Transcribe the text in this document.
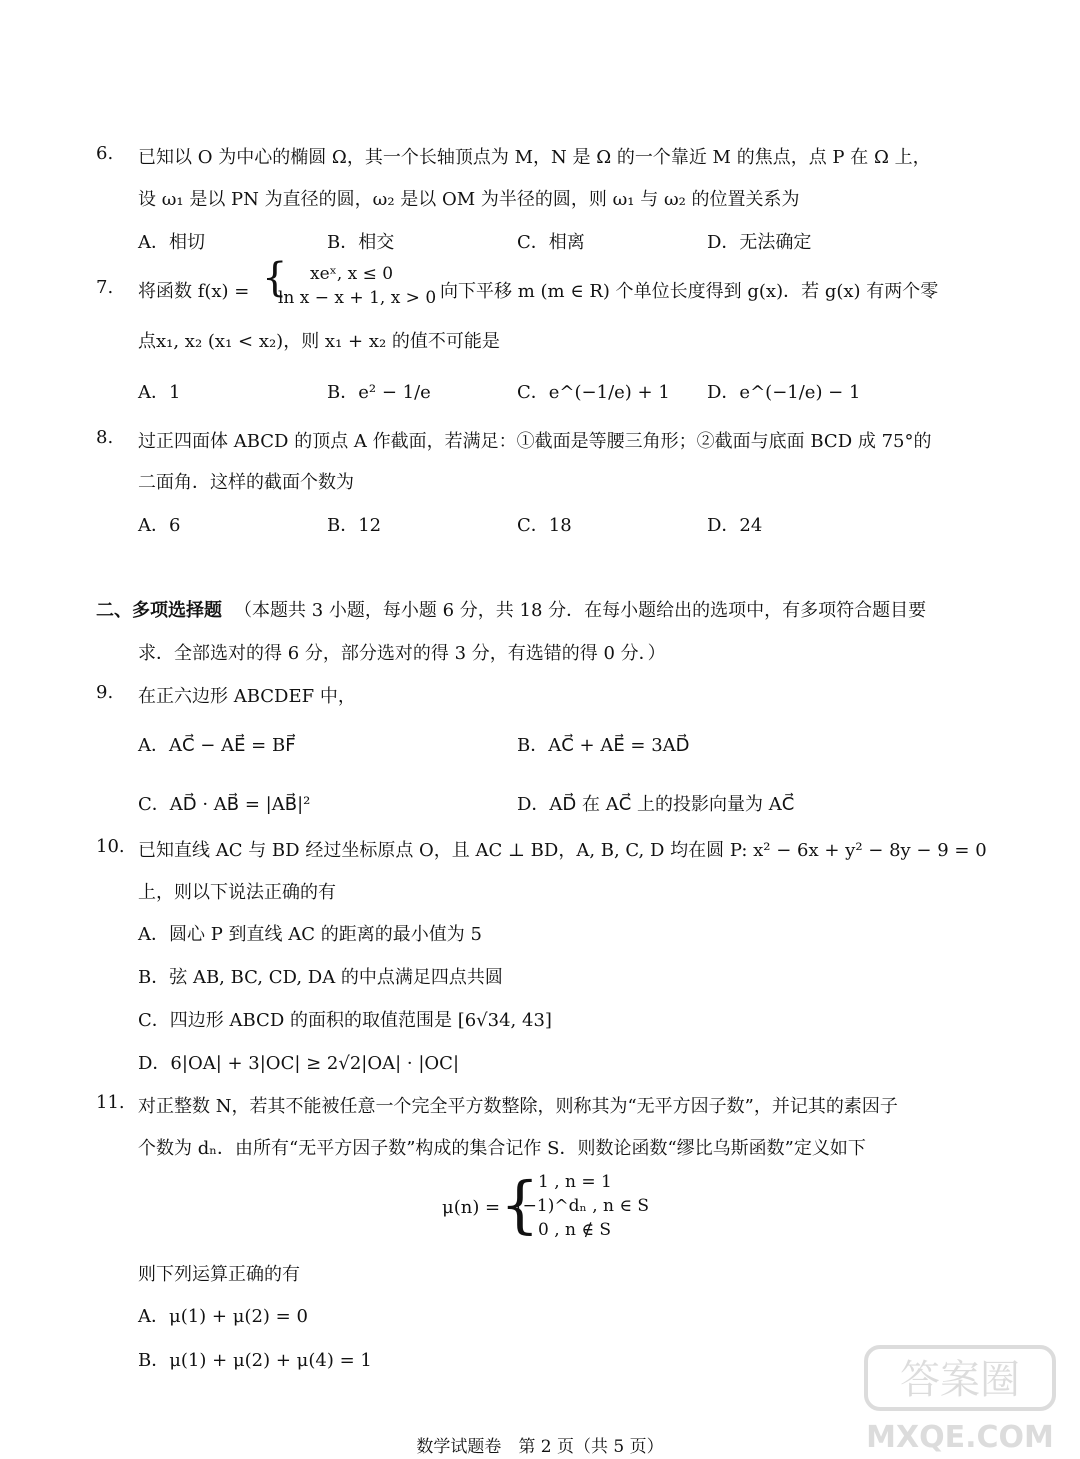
6. 已知以 O 为中心的椭圆 Ω，其一个长轴顶点为 M，N 是 Ω 的一个靠近 M 的焦点，点 P 在 Ω 上，
设 ω₁ 是以 PN 为直径的圆，ω₂ 是以 OM 为半径的圆，则 ω₁ 与 ω₂ 的位置关系为
A．相切	B．相交	C．相离	D．无法确定
7. 将函数 f(x) = { xeˣ, x ≤ 0
ln x − x + 1, x > 0 向下平移 m (m ∈ R) 个单位长度得到 g(x)．若 g(x) 有两个零
点x₁, x₂ (x₁ < x₂)，则 x₁ + x₂ 的值不可能是
A．1	B．e² − 1/e	C．e^(−1/e) + 1 D．e^(−1/e) − 1
8. 过正四面体 ABCD 的顶点 A 作截面，若满足：①截面是等腰三角形；②截面与底面 BCD 成 75°的
二面角．这样的截面个数为
A．6	B．12	C．18	D．24
二、多项选择题 （本题共 3 小题，每小题 6 分，共 18 分．在每小题给出的选项中，有多项符合题目要
求．全部选对的得 6 分，部分选对的得 3 分，有选错的得 0 分．）
9. 在正六边形 ABCDEF 中，
A．AC⃗ − AE⃗ = BF⃗	B．AC⃗ + AE⃗ = 3AD⃗
C．AD⃗ · AB⃗ = |AB⃗|²	D．AD⃗ 在 AC⃗ 上的投影向量为 AC⃗
10. 已知直线 AC 与 BD 经过坐标原点 O，且 AC ⊥ BD，A, B, C, D 均在圆 P: x² − 6x + y² − 8y − 9 = 0
上，则以下说法正确的有
A．圆心 P 到直线 AC 的距离的最小值为 5
B．弦 AB, BC, CD, DA 的中点满足四点共圆
C．四边形 ABCD 的面积的取值范围是 [6√34, 43]
D．6|OA| + 3|OC| ≥ 2√2|OA| · |OC|
11. 对正整数 N，若其不能被任意一个完全平方数整除，则称其为“无平方因子数”，并记其的素因子
个数为 dₙ．由所有“无平方因子数”构成的集合记作 S．则数论函数“缪比乌斯函数”定义如下
μ(n) = {
1 , n = 1
(−1)^dₙ , n ∈ S
0 , n ∉ S
则下列运算正确的有
A．μ(1) + μ(2) = 0
B．μ(1) + μ(2) + μ(4) = 1	答案圈
MXQE.COM
数学试题卷　第 2 页（共 5 页）
